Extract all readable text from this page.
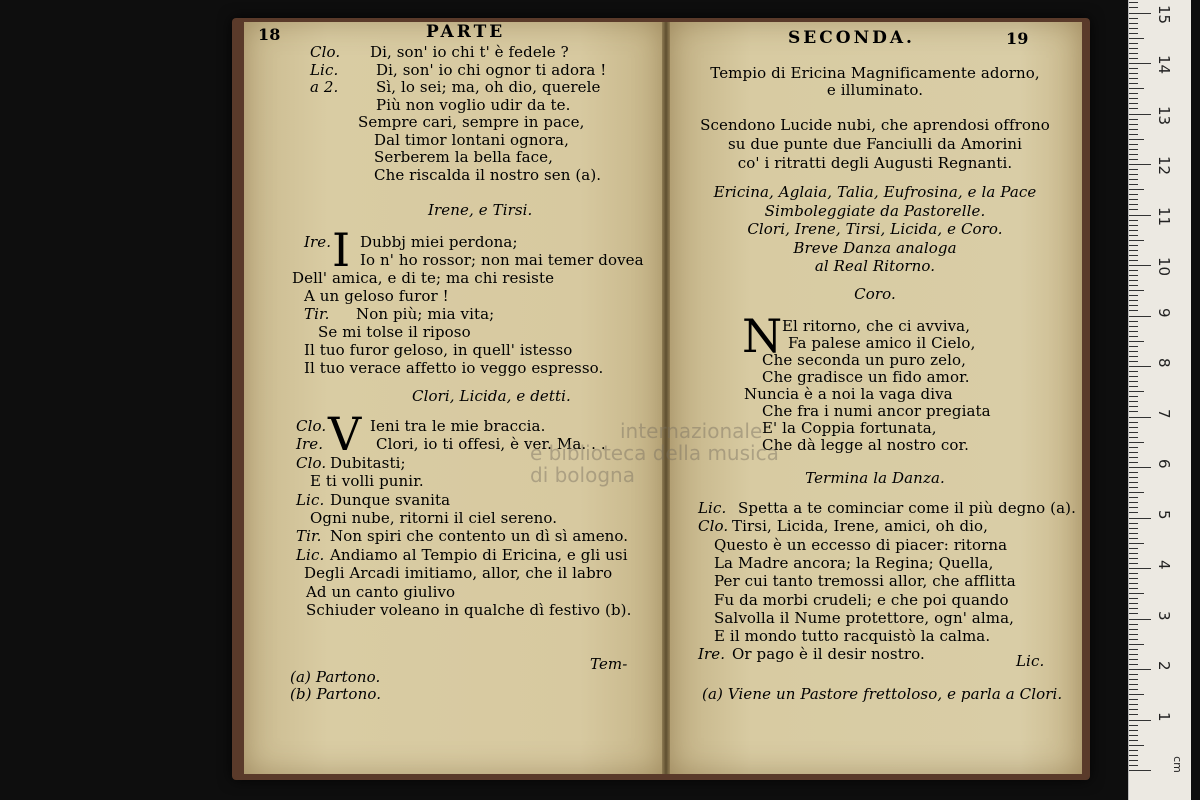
18	PARTE
Clo. Di, son' io chi t' è fedele ?
Lic.	Di, son' io chi ognor ti adora !
a 2.	Sì, lo sei; ma, oh dio, querele
Più non voglio udir da te.
Sempre cari, sempre in pace,
Dal timor lontani ognora,
Serberem la bella face,
Che riscalda il nostro sen (a).
Irene, e Tirsi.
I
Ire. Dubbj miei perdona;
Io n' ho rossor; non mai temer dovea
Dell' amica, e di te; ma chi resiste
A un geloso furor !
Tir. Non più; mia vita;
Se mi tolse il riposo
Il tuo furor geloso, in quell' istesso
Il tuo verace affetto io veggo espresso.
Clori, Licida, e detti.
V
Clo.	Ieni tra le mie braccia.
Ire.	Clori, io ti offesi, è ver. Ma. . .
Clo. Dubitasti;
E ti volli punir.
Lic. Dunque svanita
Ogni nube, ritorni il ciel sereno.
Tir. Non spiri che contento un dì sì ameno.
Lic. Andiamo al Tempio di Ericina, e gli usi
Degli Arcadi imitiamo, allor, che il labro
Ad un canto giulivo
Schiuder voleano in qualche dì festivo (b).
Tem-
(a) Partono.
(b) Partono.
SECONDA.	19
Tempio di Ericina Magnificamente adorno,
e illuminato.
Scendono Lucide nubi, che aprendosi offrono
su due punte due Fanciulli da Amorini
co' i ritratti degli Augusti Regnanti.
Ericina, Aglaia, Talia, Eufrosina, e la Pace
Simboleggiate da Pastorelle.
Clori, Irene, Tirsi, Licida, e Coro.
Breve Danza analoga
al Real Ritorno.
Coro.
N El ritorno, che ci avviva,
Fa palese amico il Cielo,
Che seconda un puro zelo,
Che gradisce un fido amor.
Nuncia è a noi la vaga diva
Che fra i numi ancor pregiata
E' la Coppia fortunata,
Che dà legge al nostro cor.
Termina la Danza.
Lic. Spetta a te cominciar come il più degno (a).
Clo. Tirsi, Licida, Irene, amici, oh dio,
Questo è un eccesso di piacer: ritorna
La Madre ancora; la Regina; Quella,
Per cui tanto tremossi allor, che afflitta
Fu da morbi crudeli; e che poi quando
Salvolla il Nume protettore, ogn' alma,
E il mondo tutto racquistò la calma.
Ire. Or pago è il desir nostro.	Lic.
(a) Viene un Pastore frettoloso, e parla a Clori.
internazionale
e biblioteca della musica
di bologna
cm
1
2
3
4
5
6
7
8
9
10
11
12
13
14
15
